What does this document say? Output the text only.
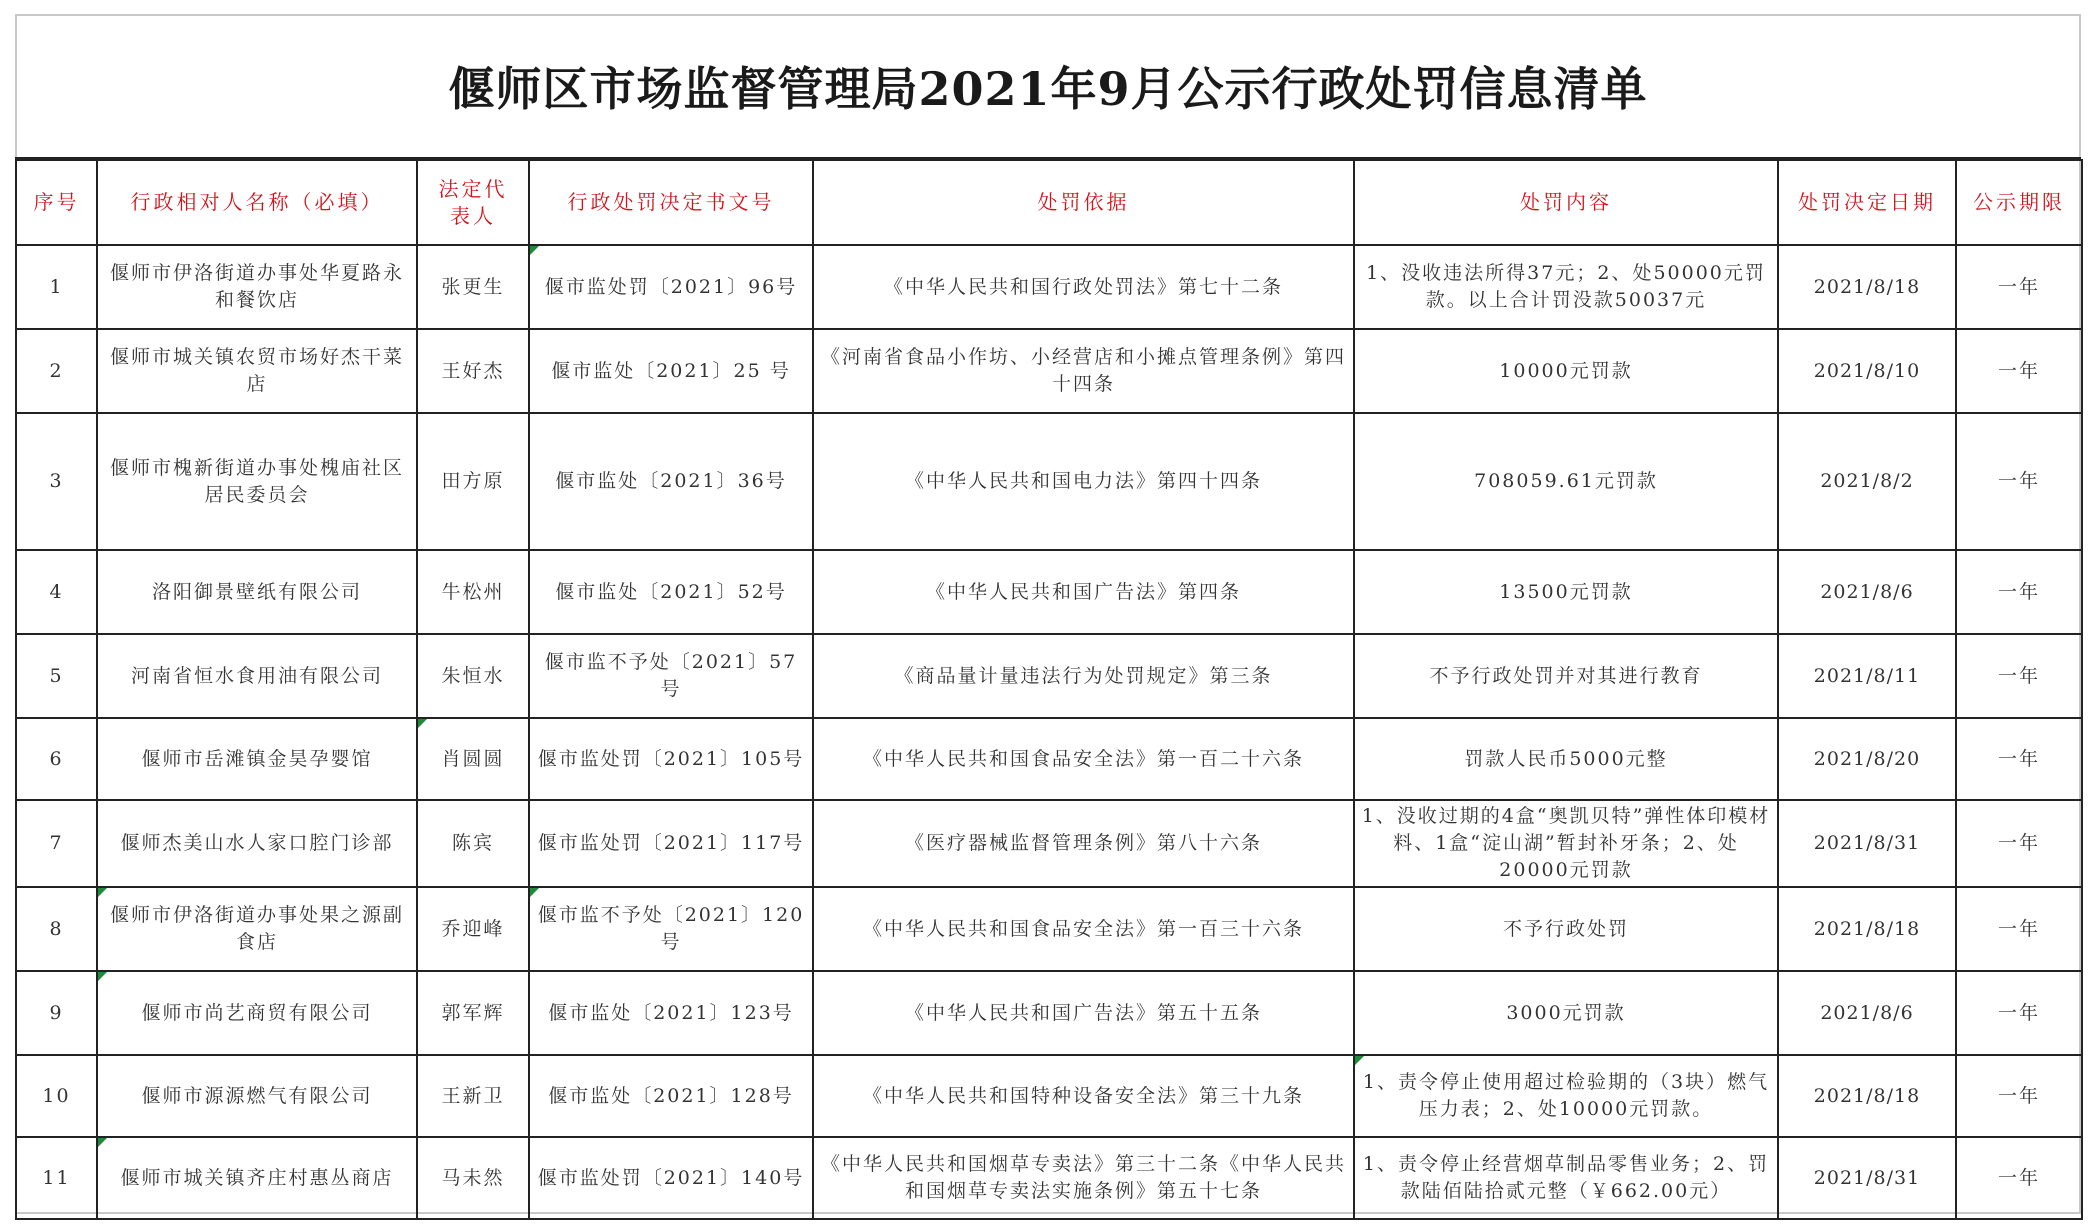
偃师区市场监督管理局2021年9月公示行政处罚信息清单
序号	行政相对人名称（必填）	法定代表人	行政处罚决定书文号	处罚依据	处罚内容	处罚决定日期	公示期限
1	偃师市伊洛街道办事处华夏路永和餐饮店	张更生	偃市监处罚〔2021〕96号	《中华人民共和国行政处罚法》第七十二条	1、没收违法所得37元；2、处50000元罚款。以上合计罚没款50037元	2021/8/18	一年
2	偃师市城关镇农贸市场好杰干菜店	王好杰	偃市监处〔2021〕25 号	《河南省食品小作坊、小经营店和小摊点管理条例》第四十四条	10000元罚款	2021/8/10	一年
3	偃师市槐新街道办事处槐庙社区居民委员会	田方原	偃市监处〔2021〕36号	《中华人民共和国电力法》第四十四条	708059.61元罚款	2021/8/2	一年
4	洛阳御景壁纸有限公司	牛松州	偃市监处〔2021〕52号	《中华人民共和国广告法》第四条	13500元罚款	2021/8/6	一年
5	河南省恒水食用油有限公司	朱恒水	偃市监不予处〔2021〕57号	《商品量计量违法行为处罚规定》第三条	不予行政处罚并对其进行教育	2021/8/11	一年
6	偃师市岳滩镇金昊孕婴馆	肖圆圆	偃市监处罚〔2021〕105号	《中华人民共和国食品安全法》第一百二十六条	罚款人民币5000元整	2021/8/20	一年
7	偃师杰美山水人家口腔门诊部	陈宾	偃市监处罚〔2021〕117号	《医疗器械监督管理条例》第八十六条	1、没收过期的4盒“奥凯贝特”弹性体印模材料、1盒“淀山湖”暂封补牙条；2、处20000元罚款	2021/8/31	一年
8	偃师市伊洛街道办事处果之源副食店	乔迎峰	偃市监不予处〔2021〕120号	《中华人民共和国食品安全法》第一百三十六条	不予行政处罚	2021/8/18	一年
9	偃师市尚艺商贸有限公司	郭军辉	偃市监处〔2021〕123号	《中华人民共和国广告法》第五十五条	3000元罚款	2021/8/6	一年
10	偃师市源源燃气有限公司	王新卫	偃市监处〔2021〕128号	《中华人民共和国特种设备安全法》第三十九条	1、责令停止使用超过检验期的（3块）燃气压力表；2、处10000元罚款。	2021/8/18	一年
11	偃师市城关镇齐庄村惠丛商店	马未然	偃市监处罚〔2021〕140号	《中华人民共和国烟草专卖法》第三十二条《中华人民共和国烟草专卖法实施条例》第五十七条	1、责令停止经营烟草制品零售业务；2、罚款陆佰陆拾贰元整（￥662.00元）	2021/8/31	一年
